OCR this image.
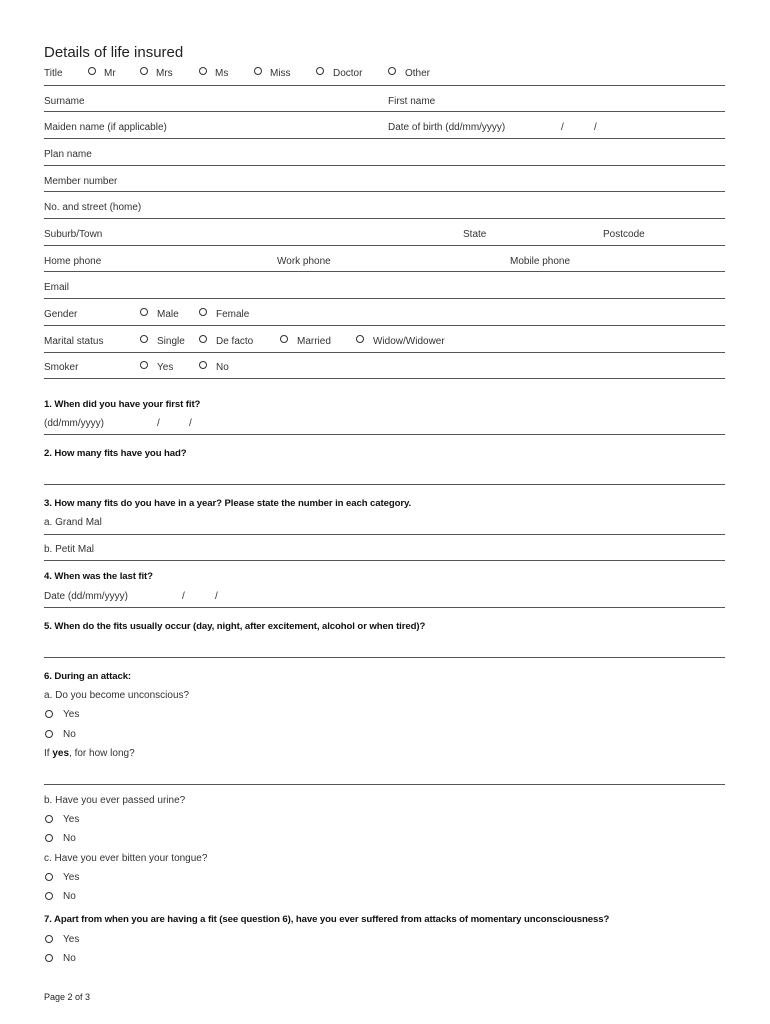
Details of life insured
Title	Mr	Mrs	Ms	Miss	Doctor	Other
Surname	First name
Maiden name (if applicable)	Date of birth (dd/mm/yyyy)	/	/
Plan name
Member number
No. and street (home)
Suburb/Town	State	Postcode
Home phone	Work phone	Mobile phone
Email
Gender	Male	Female
Marital status	Single	De facto	Married	Widow/Widower
Smoker	Yes	No
1. When did you have your first fit?
(dd/mm/yyyy)	/	/
2. How many fits have you had?
3. How many fits do you have in a year? Please state the number in each category.
a. Grand Mal
b. Petit Mal
4. When was the last fit?
Date (dd/mm/yyyy)	/	/
5. When do the fits usually occur (day, night, after excitement, alcohol or when tired)?
6. During an attack:
a. Do you become unconscious?
Yes
No
If yes, for how long?
b. Have you ever passed urine?
Yes
No
c. Have you ever bitten your tongue?
Yes
No
7. Apart from when you are having a fit (see question 6), have you ever suffered from attacks of momentary unconsciousness?
Yes
No
Page 2 of 3
